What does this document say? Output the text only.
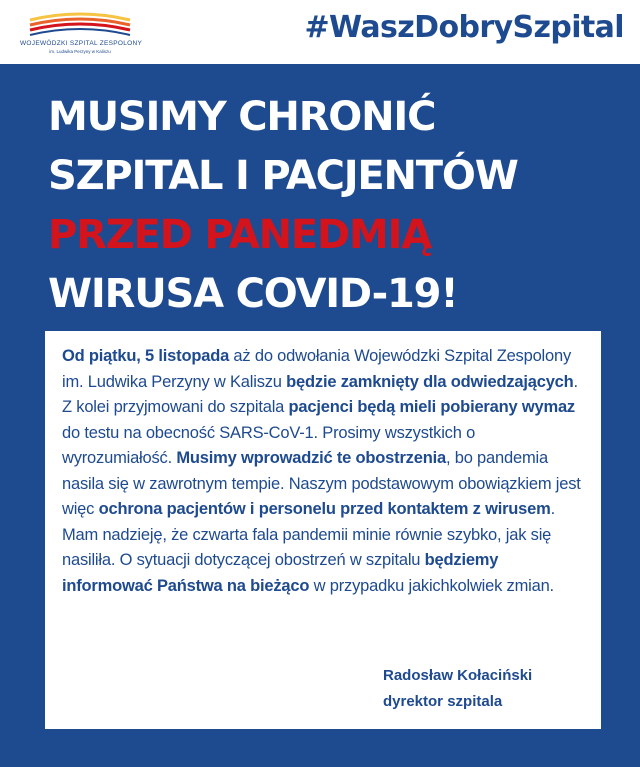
WOJEWÓDZKI SZPITAL ZESPOLONY
im. Ludwika Perzyny w Kaliszu
#WaszDobrySzpital
MUSIMY CHRONIĆ
SZPITAL I PACJENTÓW
PRZED PANEDMIĄ
WIRUSA COVID-19!

Od piątku, 5 listopada aż do odwołania Wojewódzki Szpital Zespolony im. Ludwika Perzyny w Kaliszu będzie zamknięty dla odwiedzających. Z kolei przyjmowani do szpitala pacjenci będą mieli pobierany wymaz do testu na obecność SARS-CoV-1. Prosimy wszystkich o wyrozumiałość. Musimy wprowadzić te obostrzenia, bo pandemia nasila się w zawrotnym tempie. Naszym podstawowym obowiązkiem jest więc ochrona pacjentów i personelu przed kontaktem z wirusem. Mam nadzieję, że czwarta fala pandemii minie równie szybko, jak się nasiliła. O sytuacji dotyczącej obostrzeń w szpitalu będziemy informować Państwa na bieżąco w przypadku jakichkolwiek zmian.

Radosław Kołaciński
dyrektor szpitala
